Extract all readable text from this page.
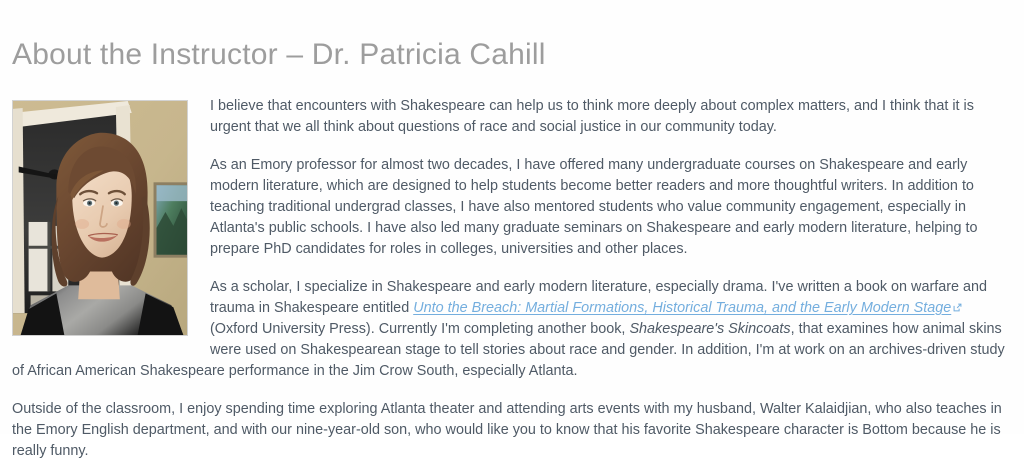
About the Instructor – Dr. Patricia Cahill

I believe that encounters with Shakespeare can help us to think more deeply about complex matters, and I think that it is urgent that we all think about questions of race and social justice in our community today.

As an Emory professor for almost two decades, I have offered many undergraduate courses on Shakespeare and early modern literature, which are designed to help students become better readers and more thoughtful writers. In addition to teaching traditional undergrad classes, I have also mentored students who value community engagement, especially in Atlanta's public schools. I have also led many graduate seminars on Shakespeare and early modern literature, helping to prepare PhD candidates for roles in colleges, universities and other places.

As a scholar, I specialize in Shakespeare and early modern literature, especially drama. I've written a book on warfare and trauma in Shakespeare entitled Unto the Breach: Martial Formations, Historical Trauma, and the Early Modern Stage
(Oxford University Press). Currently I'm completing another book, Shakespeare's Skincoats, that examines how animal skins were used on Shakespearean stage to tell stories about race and gender. In addition, I'm at work on an archives-driven study of African American Shakespeare performance in the Jim Crow South, especially Atlanta.

Outside of the classroom, I enjoy spending time exploring Atlanta theater and attending arts events with my husband, Walter Kalaidjian, who also teaches in the Emory English department, and with our nine-year-old son, who would like you to know that his favorite Shakespeare character is Bottom because he is really funny.
